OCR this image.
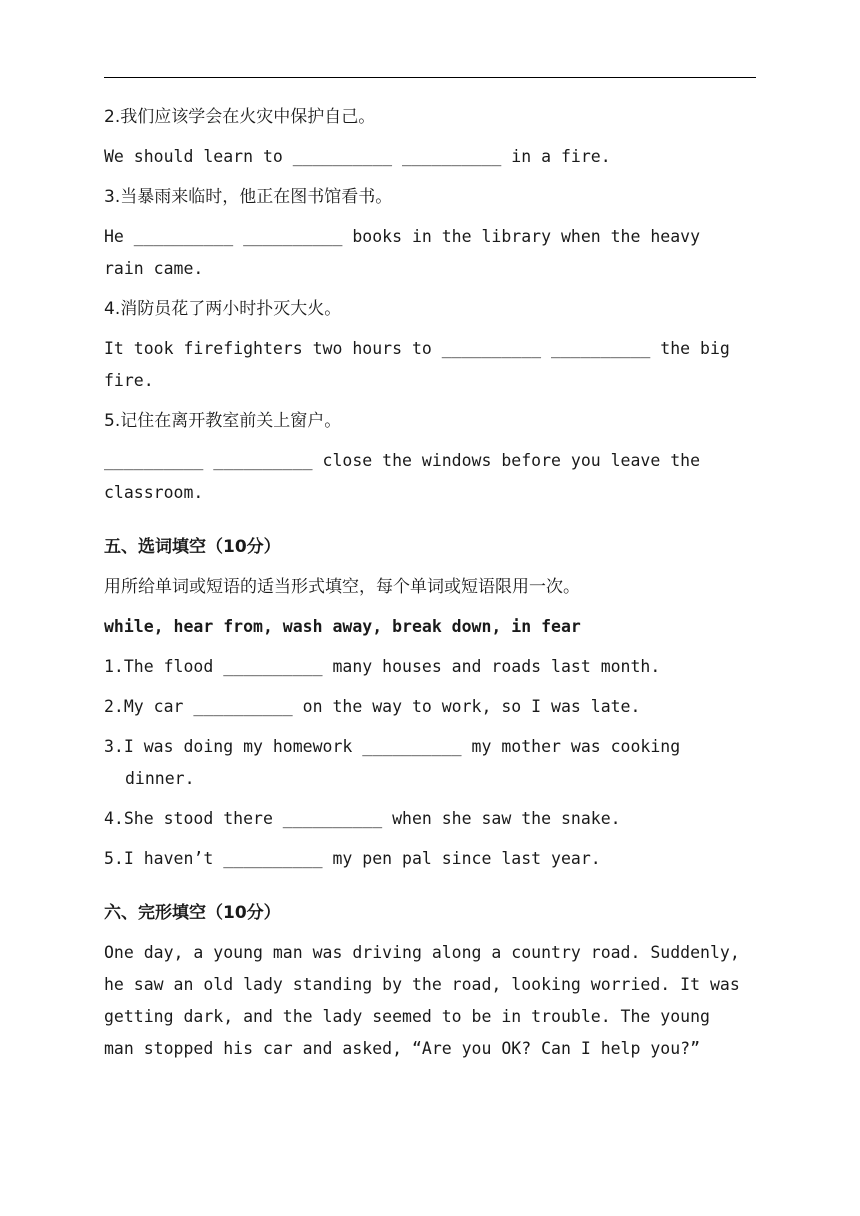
2.我们应该学会在火灾中保护自己。
We should learn to __________ __________ in a fire.
3.当暴雨来临时，他正在图书馆看书。
He __________ __________ books in the library when the heavy
rain came.
4.消防员花了两小时扑灭大火。
It took firefighters two hours to __________ __________ the big
fire.
5.记住在离开教室前关上窗户。
__________ __________ close the windows before you leave the
classroom.
五、选词填空（10分）
用所给单词或短语的适当形式填空，每个单词或短语限用一次。
while, hear from, wash away, break down, in fear
1.The flood __________ many houses and roads last month.
2.My car __________ on the way to work, so I was late.
3.I was doing my homework __________ my mother was cooking
dinner.
4.She stood there __________ when she saw the snake.
5.I haven’t __________ my pen pal since last year.
六、完形填空（10分）
One day, a young man was driving along a country road. Suddenly,
he saw an old lady standing by the road, looking worried. It was
getting dark, and the lady seemed to be in trouble. The young
man stopped his car and asked, “Are you OK? Can I help you?”
